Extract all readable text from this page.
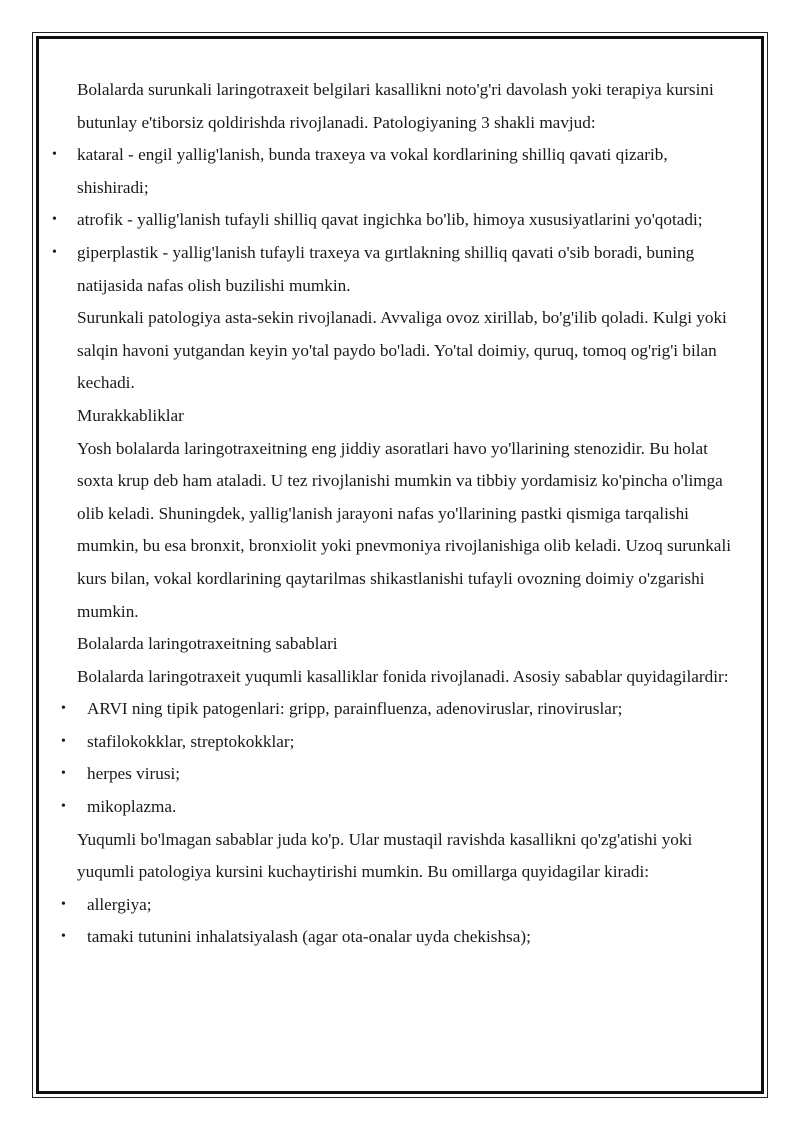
Bolalarda surunkali laringotraxeit belgilari kasallikni noto'g'ri davolash yoki terapiya kursini butunlay e'tiborsiz qoldirishda rivojlanadi. Patologiyaning 3 shakli mavjud:

• kataral - engil yallig'lanish, bunda traxeya va vokal kordlarining shilliq qavati qizarib, shishiradi;
• atrofik - yallig'lanish tufayli shilliq qavat ingichka bo'lib, himoya xususiyatlarini yo'qotadi;
• giperplastik - yallig'lanish tufayli traxeya va gırtlakning shilliq qavati o'sib boradi, buning natijasida nafas olish buzilishi mumkin.

Surunkali patologiya asta-sekin rivojlanadi. Avvaliga ovoz xirillab, bo'g'ilib qoladi. Kulgi yoki salqin havoni yutgandan keyin yo'tal paydo bo'ladi. Yo'tal doimiy, quruq, tomoq og'rig'i bilan kechadi.

Murakkabliklar

Yosh bolalarda laringotraxeitning eng jiddiy asoratlari havo yo'llarining stenozidir. Bu holat soxta krup deb ham ataladi. U tez rivojlanishi mumkin va tibbiy yordamisiz ko'pincha o'limga olib keladi. Shuningdek, yallig'lanish jarayoni nafas yo'llarining pastki qismiga tarqalishi mumkin, bu esa bronxit, bronxiolit yoki pnevmoniya rivojlanishiga olib keladi. Uzoq surunkali kurs bilan, vokal kordlarining qaytarilmas shikastlanishi tufayli ovozning doimiy o'zgarishi mumkin.

Bolalarda laringotraxeitning sabablari

Bolalarda laringotraxeit yuqumli kasalliklar fonida rivojlanadi. Asosiy sabablar quyidagilardir:

• ARVI ning tipik patogenlari: gripp, parainfluenza, adenoviruslar, rinoviruslar;
• stafilokokklar, streptokokklar;
• herpes virusi;
• mikoplazma.

Yuqumli bo'lmagan sabablar juda ko'p. Ular mustaqil ravishda kasallikni qo'zg'atishi yoki yuqumli patologiya kursini kuchaytirishi mumkin. Bu omillarga quyidagilar kiradi:

• allergiya;
• tamaki tutunini inhalatsiyalash (agar ota-onalar uyda chekishsa);
